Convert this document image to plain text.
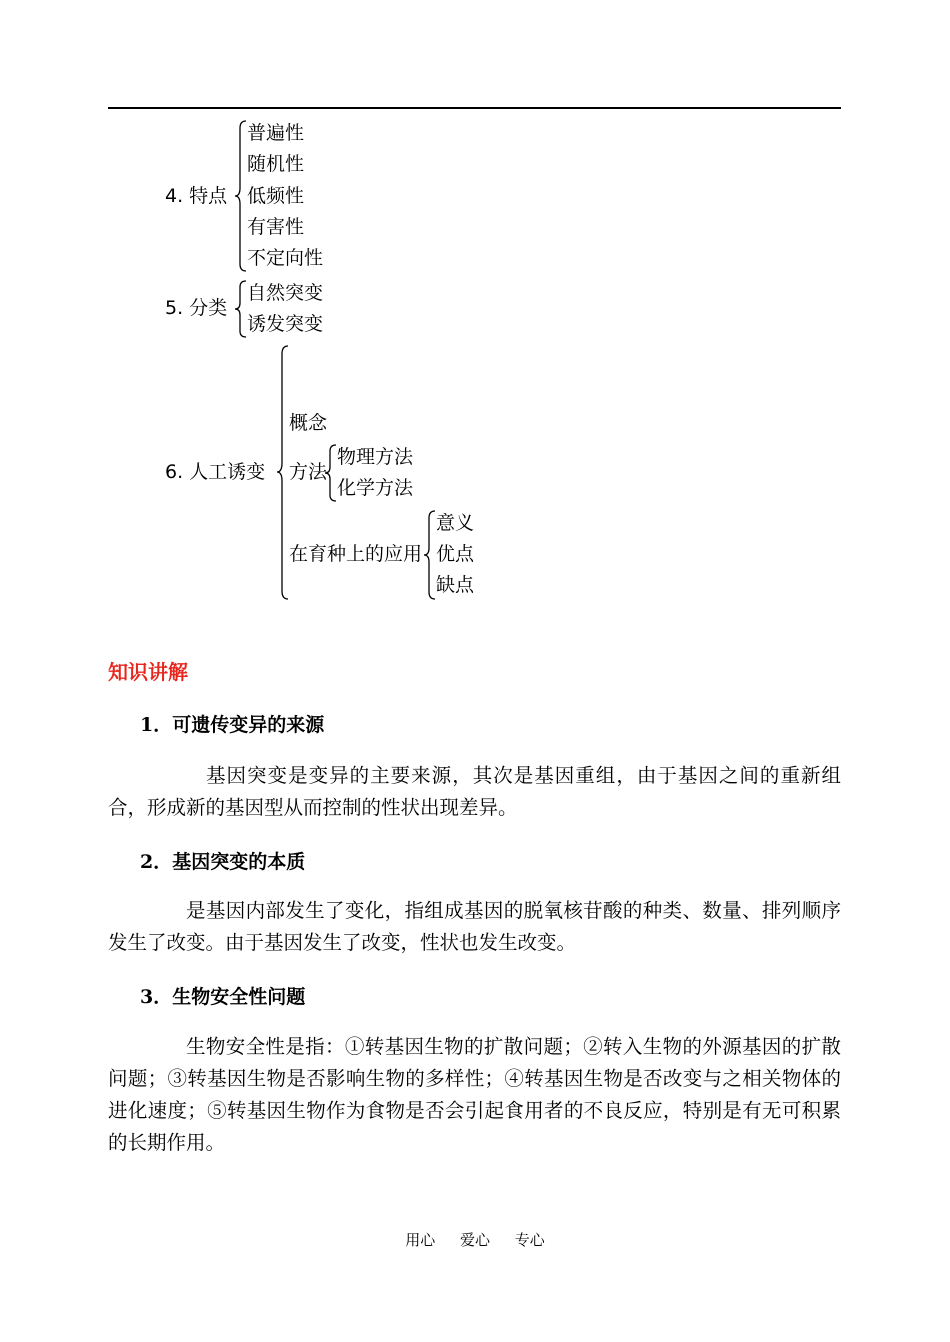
4. 特点
普遍性
随机性
低频性
有害性
不定向性
5. 分类
自然突变
诱发突变
6. 人工诱变
概念
方法
物理方法
化学方法
在育种上的应用
意义
优点
缺点
知识讲解
1．可遗传变异的来源
基因突变是变异的主要来源，其次是基因重组，由于基因之间的重新组合，形成新的基因型从而控制的性状出现差异。
2．基因突变的本质
是基因内部发生了变化，指组成基因的脱氧核苷酸的种类、数量、排列顺序发生了改变。由于基因发生了改变，性状也发生改变。
3．生物安全性问题
生物安全性是指：①转基因生物的扩散问题；②转入生物的外源基因的扩散问题；③转基因生物是否影响生物的多样性；④转基因生物是否改变与之相关物体的进化速度；⑤转基因生物作为食物是否会引起食用者的不良反应，特别是有无可积累的长期作用。
用心 爱心 专心
